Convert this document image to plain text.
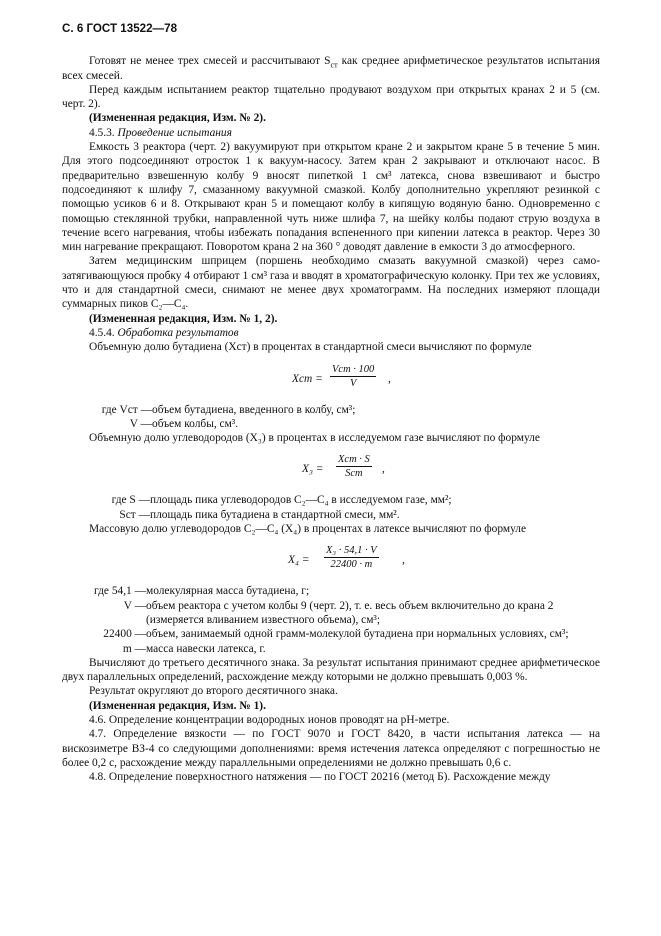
С. 6 ГОСТ 13522—78

Готовят не менее трех смесей и рассчитывают $S_{ст}$ как среднее арифметическое результатов испытания всех смесей.

Перед каждым испытанием реактор тщательно продувают воздухом при открытых кранах 2 и 5 (см. черт. 2).

(Измененная редакция, Изм. № 2).

4.5.3. Проведение испытания

Емкость 3 реактора (черт. 2) вакуумируют при открытом кране 2 и закрытом кране 5 в течение 5 мин. Для этого подсоединяют отросток 1 к вакуум-насосу. Затем кран 2 закрывают и отключают насос. В предварительно взвешенную колбу 9 вносят пипеткой 1 см³ латекса, снова взвешивают и быстро подсоединяют к шлифу 7, смазанному вакуумной смазкой. Колбу дополнительно укрепляют резинкой с помощью усиков 6 и 8. Открывают кран 5 и помещают колбу в кипящую водяную баню. Одновременно с помощью стеклянной трубки, направленной чуть ниже шлифа 7, на шейку колбы подают струю воздуха в течение всего нагревания, чтобы избежать попадания вспененного при кипении латекса в реактор. Через 30 мин нагревание прекращают. Поворотом крана 2 на 360 ° доводят давление в емкости 3 до атмосферного.

Затем медицинским шприцем (поршень необходимо смазать вакуумной смазкой) через само-затягивающуюся пробку 4 отбирают 1 см³ газа и вводят в хроматографическую колонку. При тех же условиях, что и для стандартной смеси, снимают не менее двух хроматограмм. На последних измеряют площади суммарных пиков С₂—С₄.

(Измененная редакция, Изм. № 1, 2).

4.5.4. Обработка результатов

Объемную долю бутадиена (Xст) в процентах в стандартной смеси вычисляют по формуле

Xст =
Vст · 100
V	,
где Vст — объем бутадиена, введенного в колбу, см³;
V — объем колбы, см³.

Объемную долю углеводородов (X₃) в процентах в исследуемом газе вычисляют по формуле

X₃ =
Xст · S
Sст	,
где S — площадь пика углеводородов С₂—С₄ в исследуемом газе, мм²;
Sст — площадь пика бутадиена в стандартной смеси, мм².

Массовую долю углеводородов С₂—С₄ (X₄) в процентах в латексе вычисляют по формуле

$X_4 = \frac{\text{X₃ · 54,1 · V}}{22400 \cdot m}$ ,
где 54,1 — молекулярная масса бутадиена, г;
V — объем реактора с учетом колбы 9 (черт. 2), т. е. весь объем включительно до крана 2 (измеряется вливанием известного объема), см³;
22400 — объем, занимаемый одной грамм-молекулой бутадиена при нормальных условиях, см³;
m — масса навески латекса, г.

Вычисляют до третьего десятичного знака. За результат испытания принимают среднее арифметическое двух параллельных определений, расхождение между которыми не должно превышать 0,003 %.

Результат округляют до второго десятичного знака.

(Измененная редакция, Изм. № 1).

4.6. Определение концентрации водородных ионов проводят на pH-метре.

4.7. Определение вязкости — по ГОСТ 9070 и ГОСТ 8420, в части испытания латекса — на вискозиметре ВЗ-4 со следующими дополнениями: время истечения латекса определяют с погрешностью не более 0,2 с, расхождение между параллельными определениями не должно превышать 0,6 с.

4.8. Определение поверхностного натяжения — по ГОСТ 20216 (метод Б). Расхождение между
